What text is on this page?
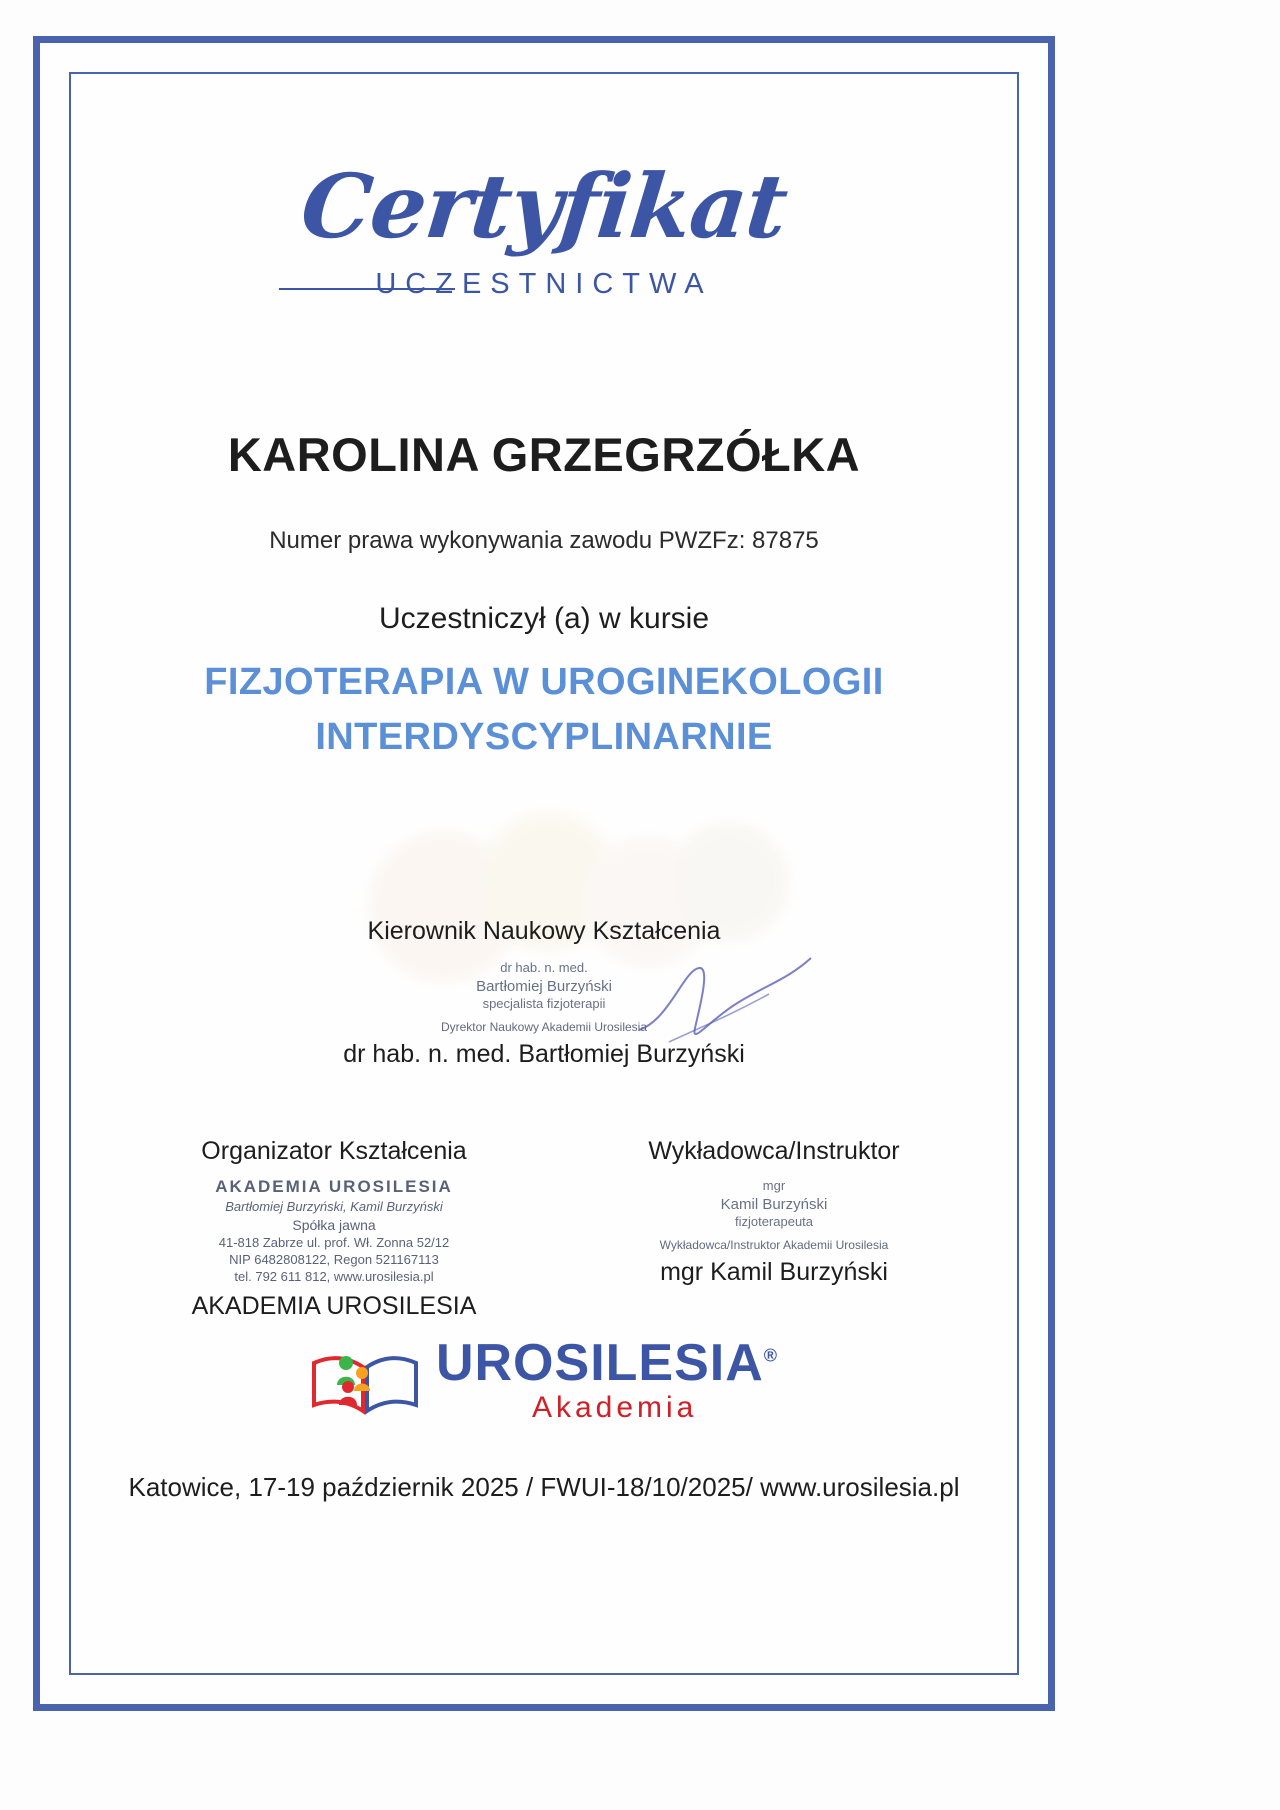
Certyfikat
UCZESTNICTWA
KAROLINA GRZEGRZÓŁKA
Numer prawa wykonywania zawodu PWZFz: 87875
Uczestniczył (a) w kursie
FIZJOTERAPIA W UROGINEKOLOGII
INTERDYSCYPLINARNIE
Kierownik Naukowy Kształcenia
dr hab. n. med.
Bartłomiej Burzyński
specjalista fizjoterapii
Dyrektor Naukowy Akademii Urosilesia
dr hab. n. med. Bartłomiej Burzyński
Organizator Kształcenia
AKADEMIA UROSILESIA
Bartłomiej Burzyński, Kamil Burzyński
Spółka jawna
41-818 Zabrze ul. prof. Wł. Zonna 52/12
NIP 6482808122, Regon 521167113
tel. 792 611 812, www.urosilesia.pl
AKADEMIA UROSILESIA
Wykładowca/Instruktor
mgr
Kamil Burzyński
fizjoterapeuta
Wykładowca/Instruktor Akademii Urosilesia
mgr Kamil Burzyński
UROSILESIA®
Akademia
Katowice, 17-19 październik 2025 / FWUI-18/10/2025/ www.urosilesia.pl
